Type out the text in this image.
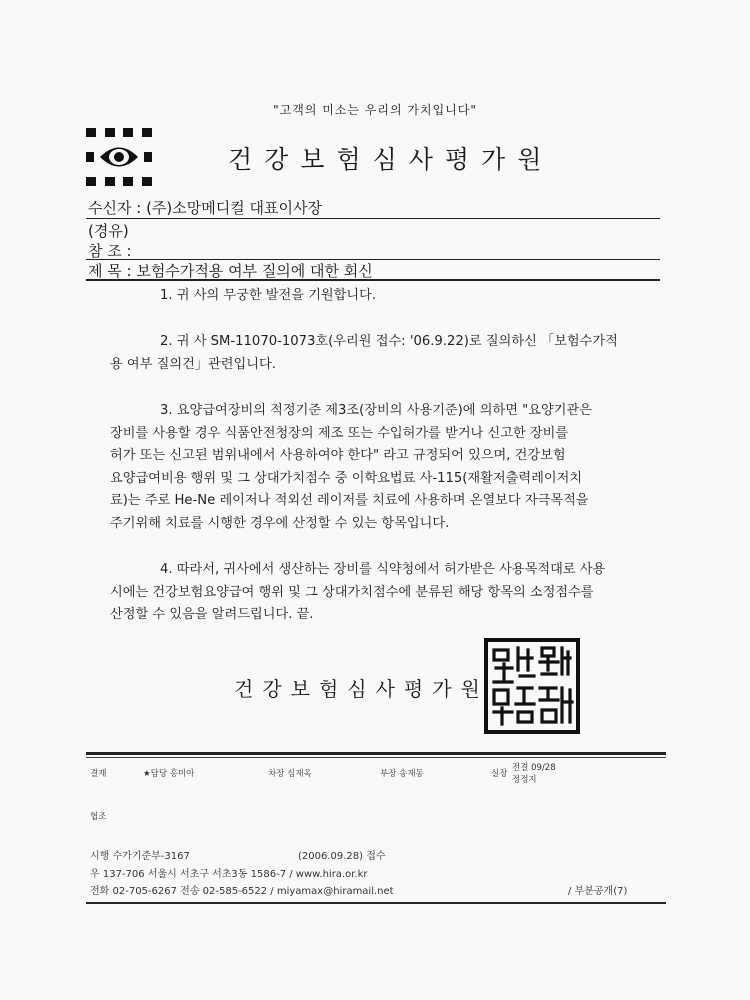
"고객의 미소는 우리의 가치입니다"
건강보험심사평가원
수신자 : (주)소망메디컬 대표이사장
(경유)
참 조 :
제 목 : 보험수가적용 여부 질의에 대한 회신

1. 귀 사의 무궁한 발전을 기원합니다.

2. 귀 사 SM-11070-1073호(우리원 접수: '06.9.22)로 질의하신 「보험수가적

용 여부 질의건」관련입니다.

3. 요양급여장비의 적정기준 제3조(장비의 사용기준)에 의하면 "요양기관은

장비를 사용할 경우 식품안전청장의 제조 또는 수입허가를 받거나 신고한 장비를

허가 또는 신고된 범위내에서 사용하여야 한다" 라고 규정되어 있으며, 건강보험

요양급여비용 행위 및 그 상대가치점수 중 이학요법료 사-115(재활저출력레이저치

료)는 주로 He-Ne 레이저나 적외선 레이저를 치료에 사용하며 온열보다 자극목적을

주기위해 치료를 시행한 경우에 산정할 수 있는 항목입니다.

4. 따라서, 귀사에서 생산하는 장비를 식약청에서 허가받은 사용목적대로 사용

시에는 건강보험요양급여 행위 및 그 상대가치점수에 분류된 해당 항목의 소정점수를

산정할 수 있음을 알려드립니다. 끝.

건강보험심사평가원
결재	★담당 홍미아	차장 심재옥	부장 송재동	실장
전결 09/28
정정지
협조
시행 수가기준부-3167	(2006.09.28) 접수
우 137-706 서울시 서초구 서초3동 1586-7 / www.hira.or.kr
전화 02-705-6267 전송 02-585-6522 / miyamax@hiramail.net	/ 부분공개(7)
